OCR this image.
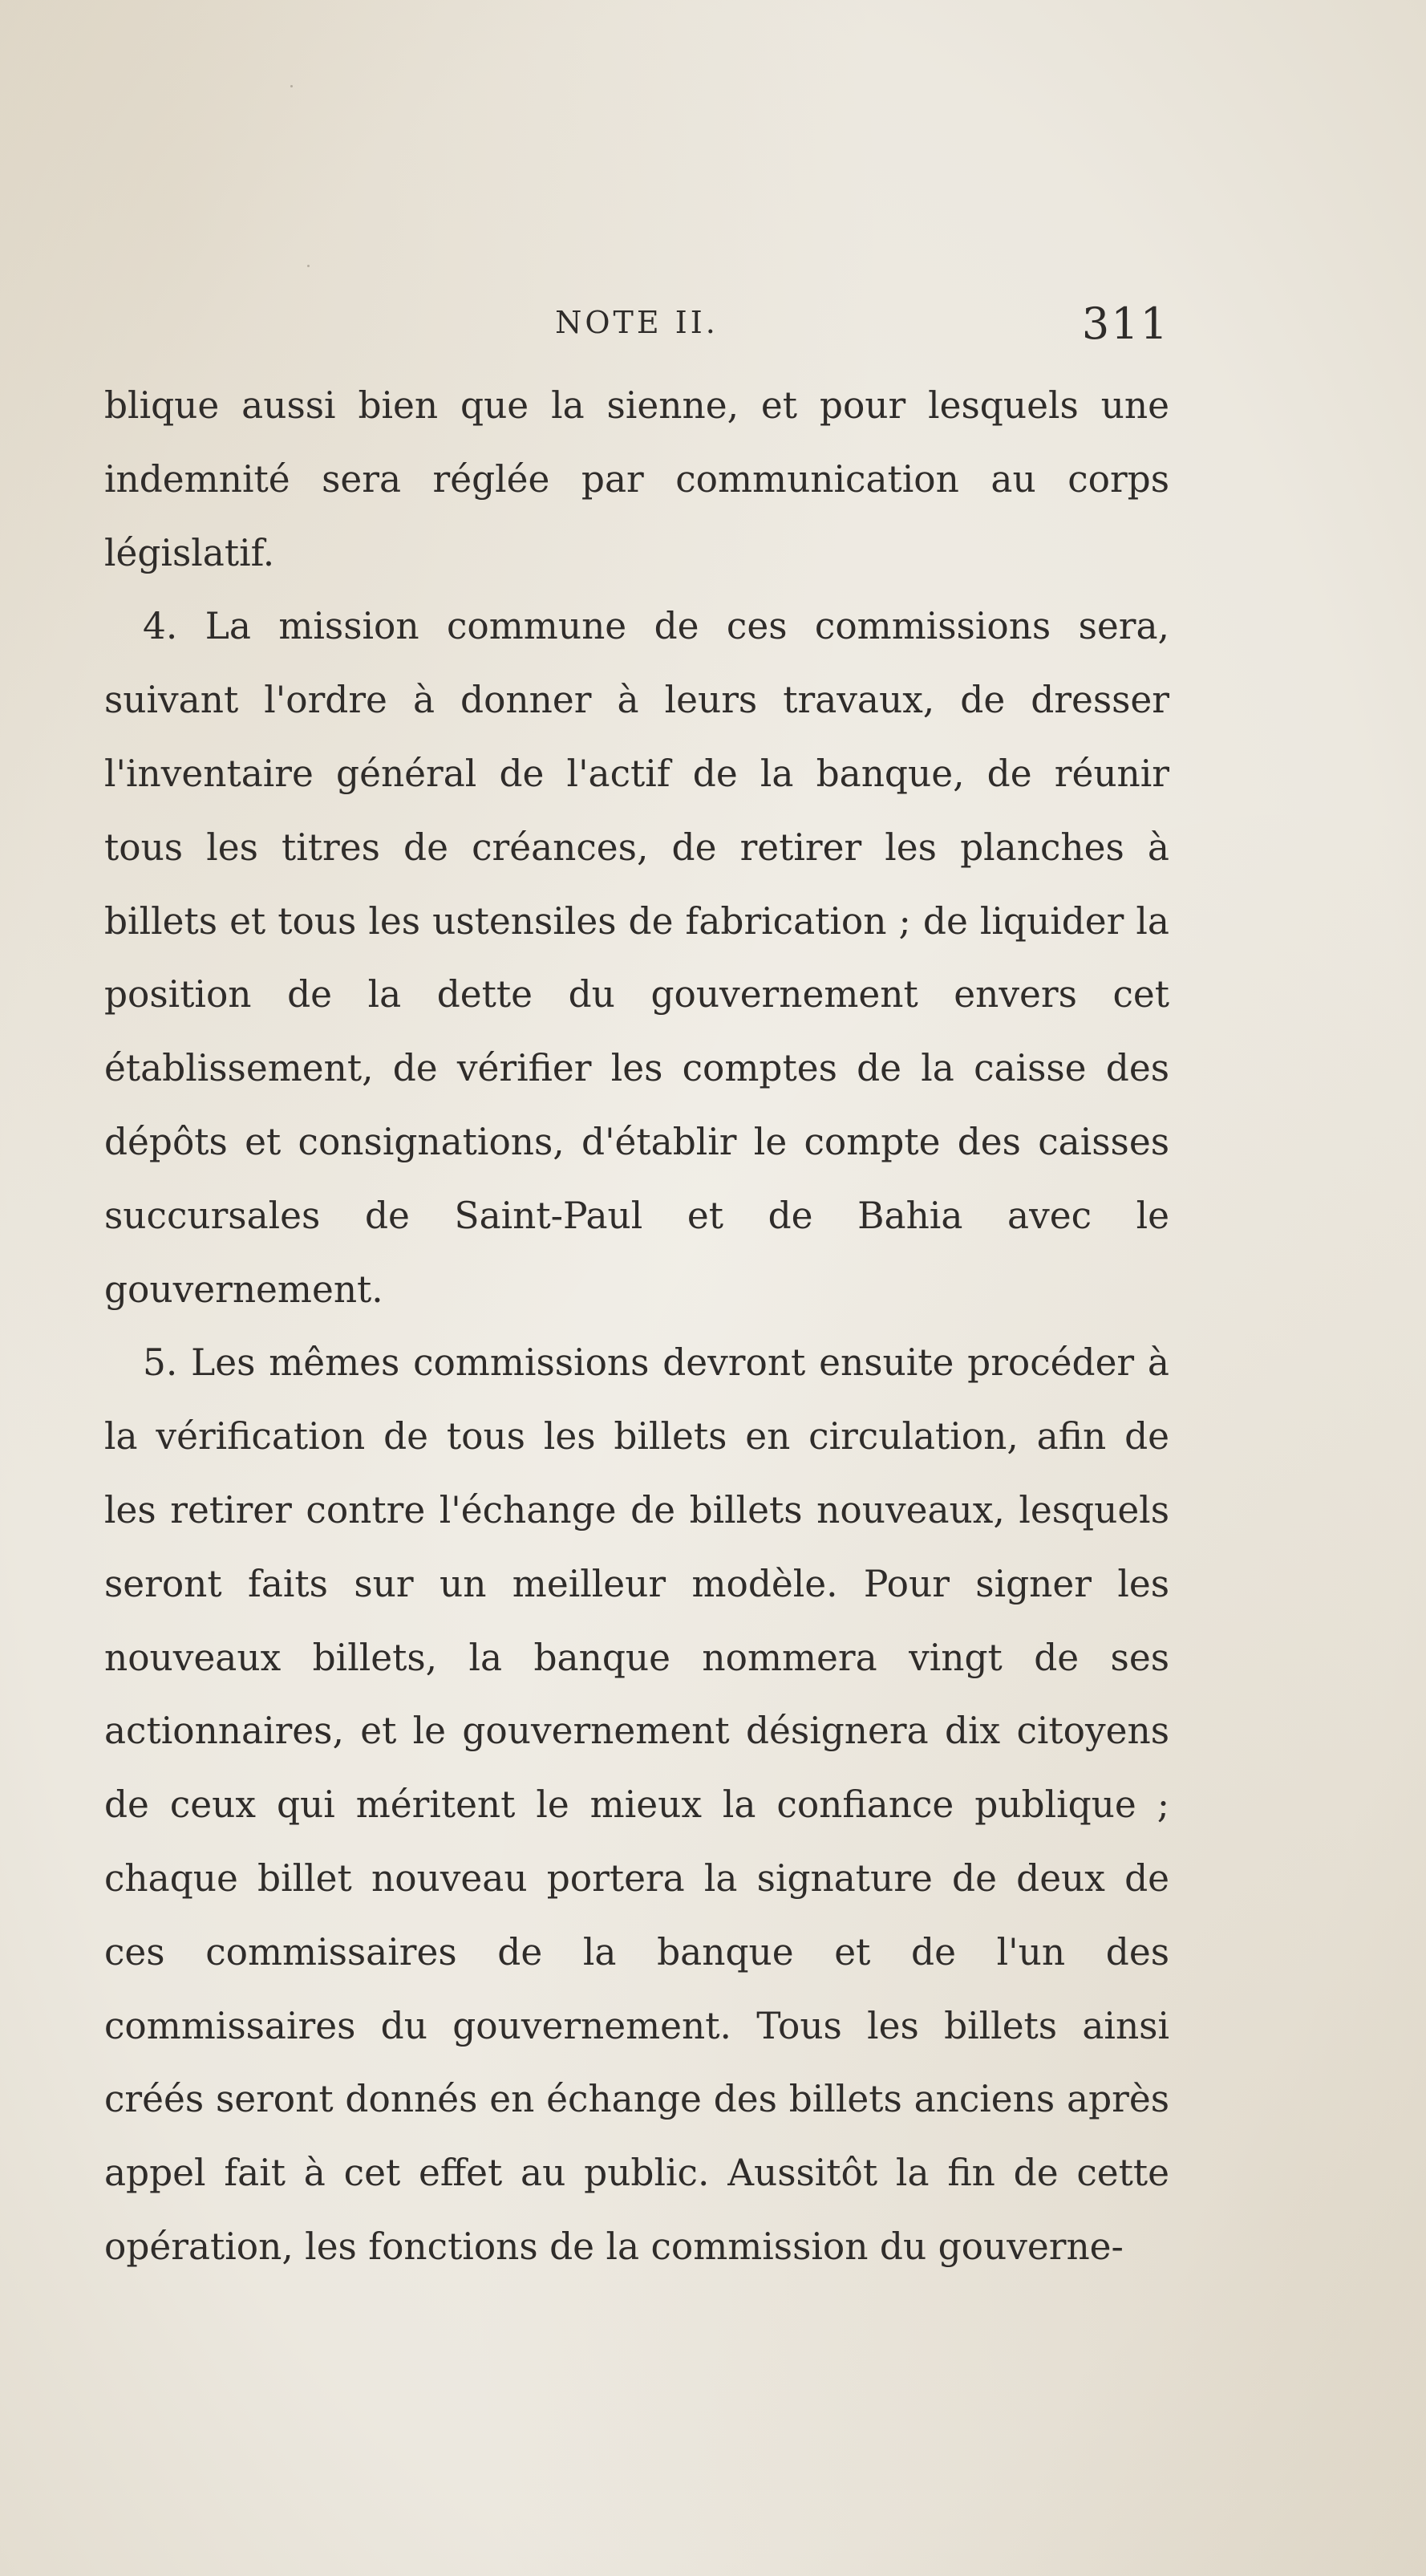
NOTE II.	311

blique aussi bien que la sienne, et pour lesquels une indemnité sera réglée par communication au corps législatif.

4. La mission commune de ces commissions sera, suivant l'ordre à donner à leurs travaux, de dresser l'inventaire général de l'actif de la banque, de réunir tous les titres de créances, de retirer les planches à billets et tous les ustensiles de fabrication ; de liquider la position de la dette du gouvernement envers cet établissement, de vérifier les comptes de la caisse des dépôts et consignations, d'établir le compte des caisses succursales de Saint-Paul et de Bahia avec le gouvernement.

5. Les mêmes commissions devront ensuite procéder à la vérification de tous les billets en circulation, afin de les retirer contre l'échange de billets nouveaux, lesquels seront faits sur un meilleur modèle. Pour signer les nouveaux billets, la banque nommera vingt de ses actionnaires, et le gouvernement désignera dix citoyens de ceux qui méritent le mieux la confiance publique ; chaque billet nouveau portera la signature de deux de ces commissaires de la banque et de l'un des commissaires du gouvernement. Tous les billets ainsi créés seront donnés en échange des billets anciens après appel fait à cet effet au public. Aussitôt la fin de cette opération, les fonctions de la commission du gouverne-
